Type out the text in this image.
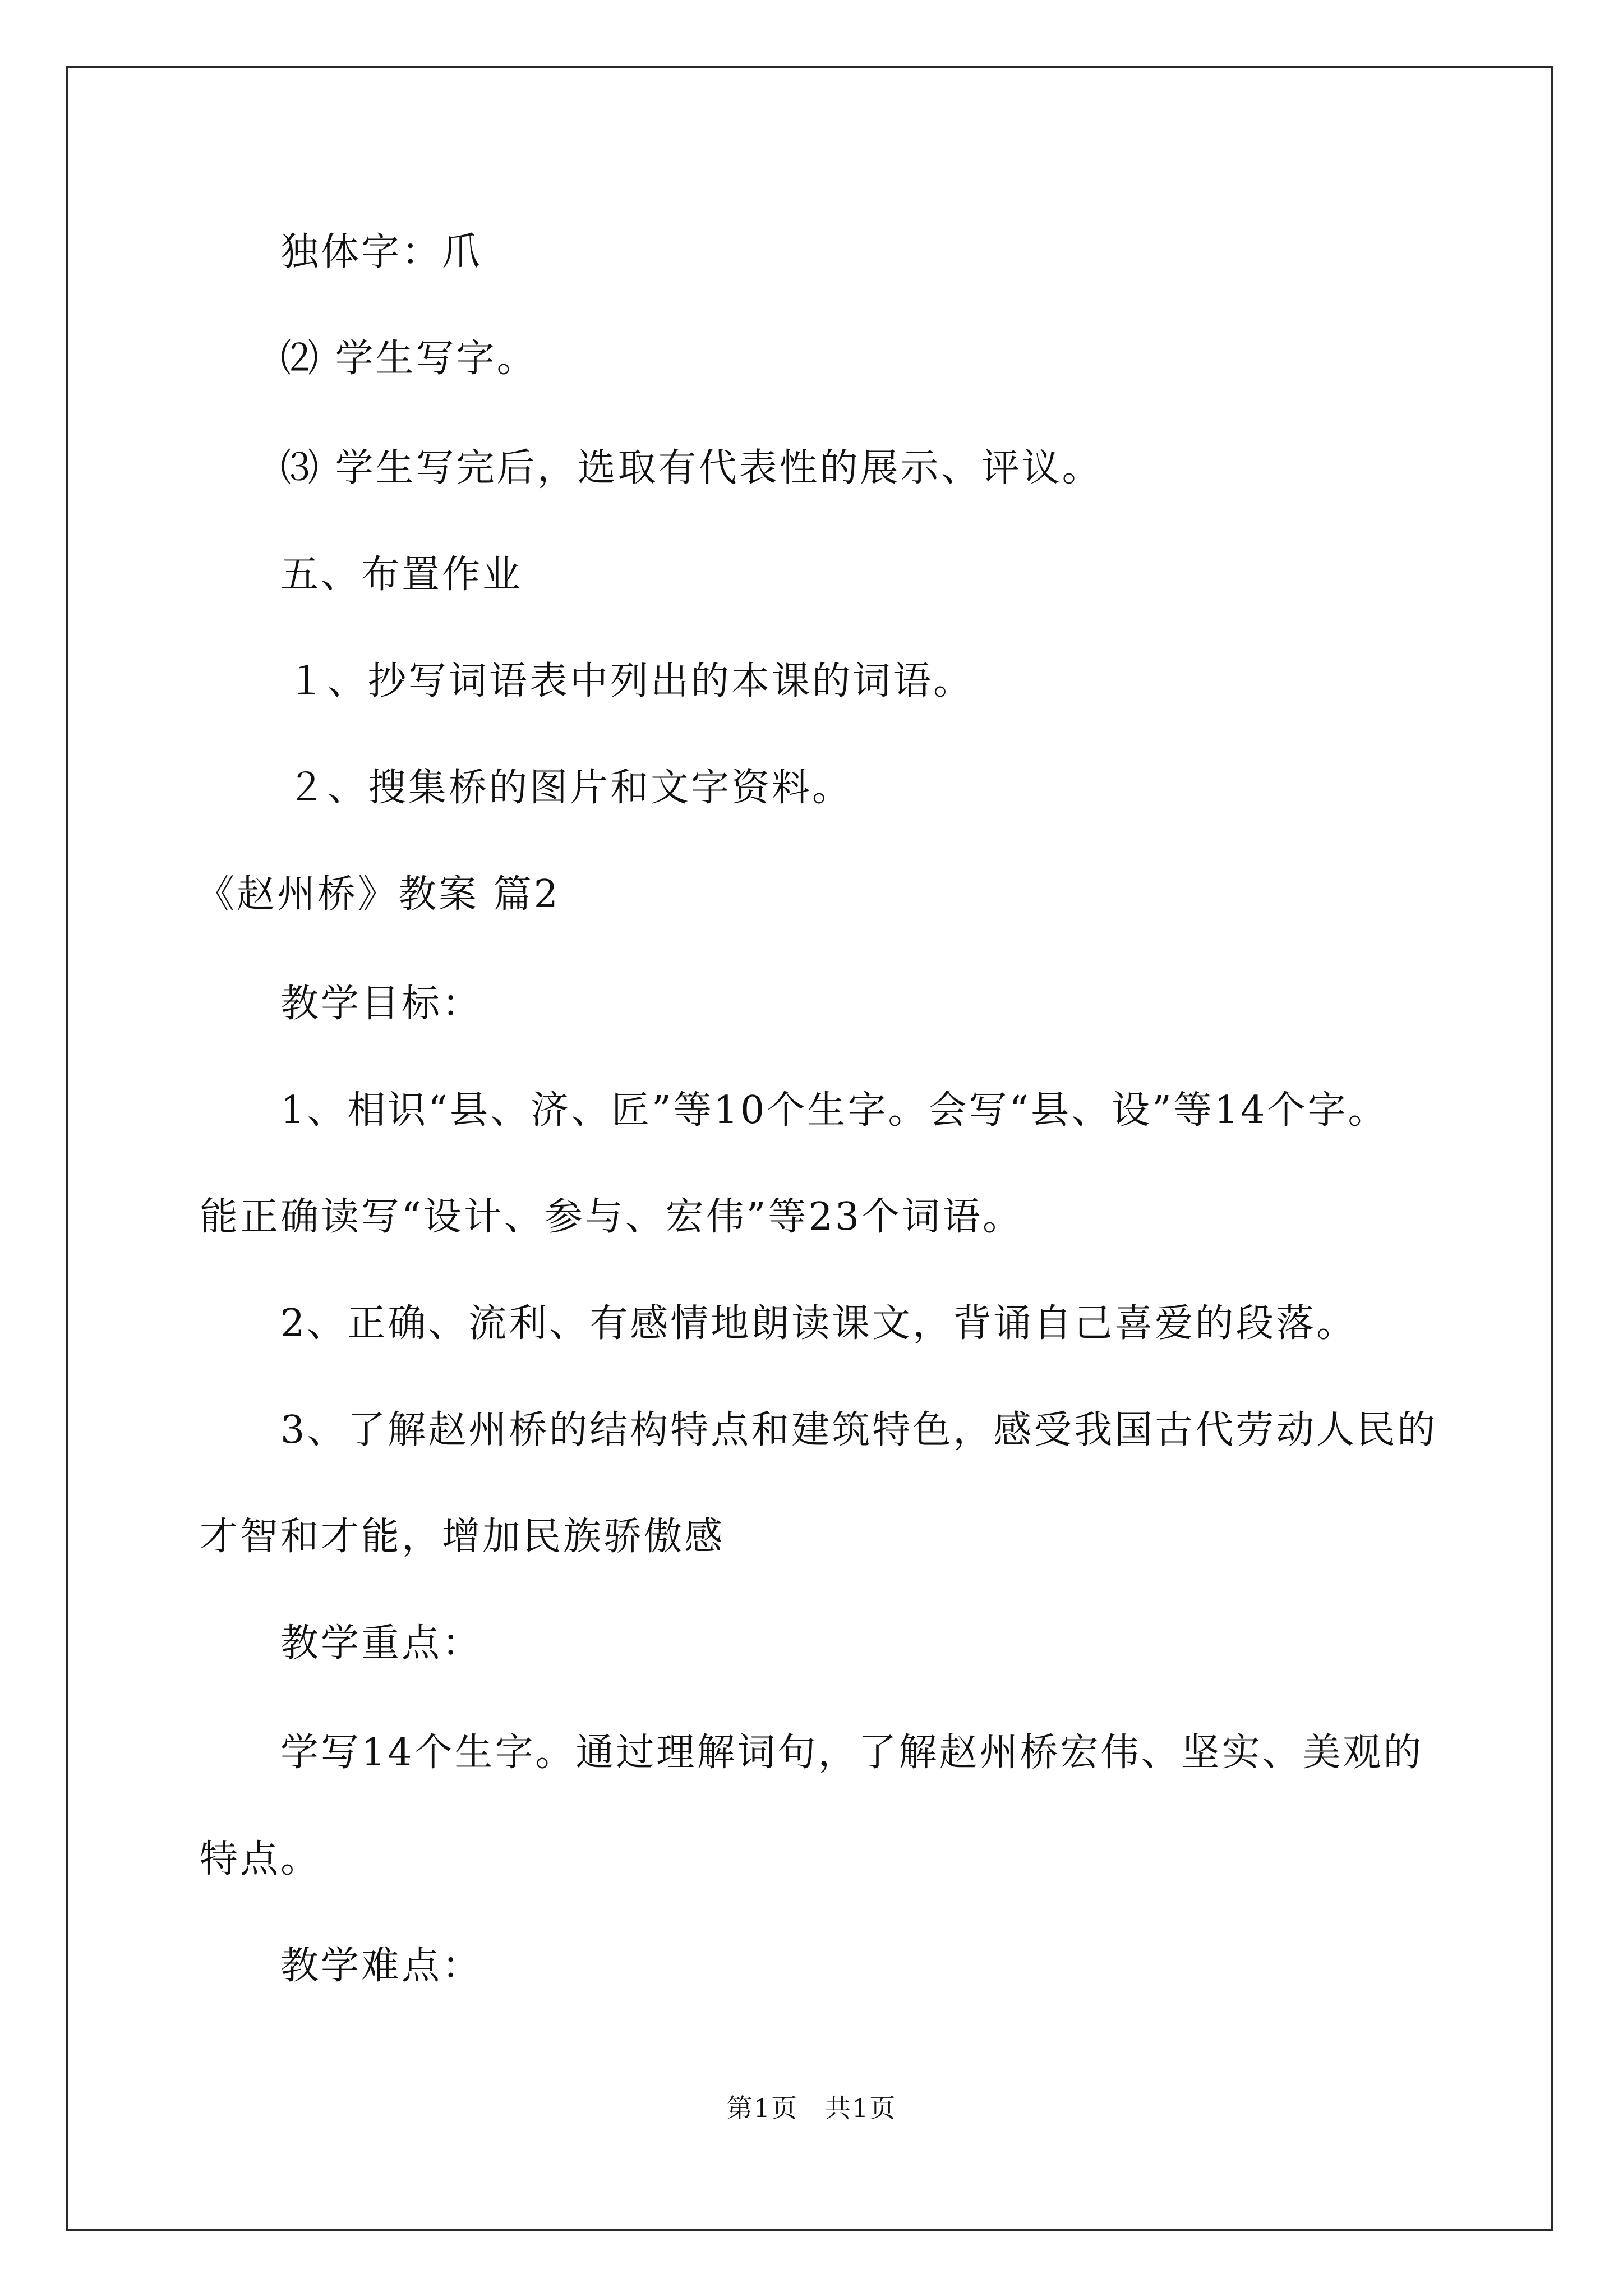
独体字：爪
⑵ 学生写字。
⑶ 学生写完后，选取有代表性的展示、评议。
五、布置作业
１、抄写词语表中列出的本课的词语。
２、搜集桥的图片和文字资料。
《赵州桥》教案 篇2
教学目标：
1、相识“县、济、匠”等10个生字。会写“县、设”等14个字。
能正确读写“设计、参与、宏伟”等23个词语。
2、正确、流利、有感情地朗读课文，背诵自己喜爱的段落。
3、了解赵州桥的结构特点和建筑特色，感受我国古代劳动人民的
才智和才能，增加民族骄傲感
教学重点：
学写14个生字。通过理解词句，了解赵州桥宏伟、坚实、美观的
特点。
教学难点：
第1页　共1页
